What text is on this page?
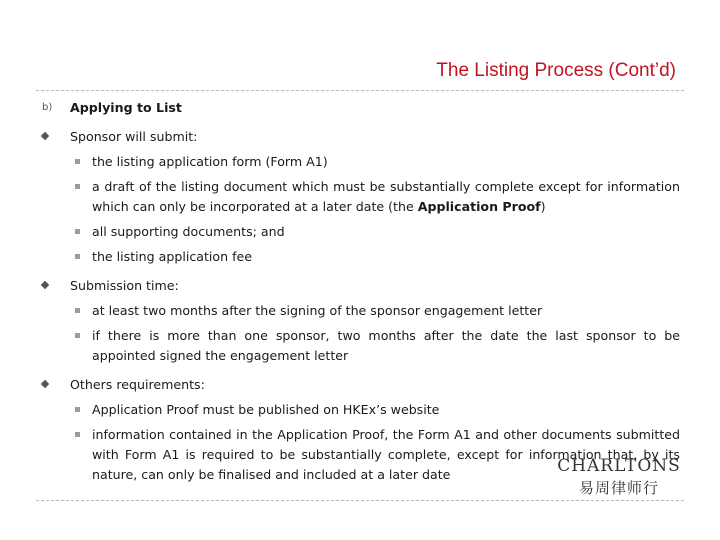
The Listing Process (Cont’d)
b) Applying to List
Sponsor will submit:
the listing application form (Form A1)
a draft of the listing document which must be substantially complete except for information which can only be incorporated at a later date (the Application Proof)
all supporting documents; and
the listing application fee
Submission time:
at least two months after the signing of the sponsor engagement letter
if there is more than one sponsor, two months after the date the last sponsor to be appointed signed the engagement letter
Others requirements:
Application Proof must be published on HKEx’s website
information contained in the Application Proof, the Form A1 and other documents submitted with Form A1 is required to be substantially complete, except for information that, by its nature, can only be finalised and included at a later date	CHARLTONS
易周律师行
